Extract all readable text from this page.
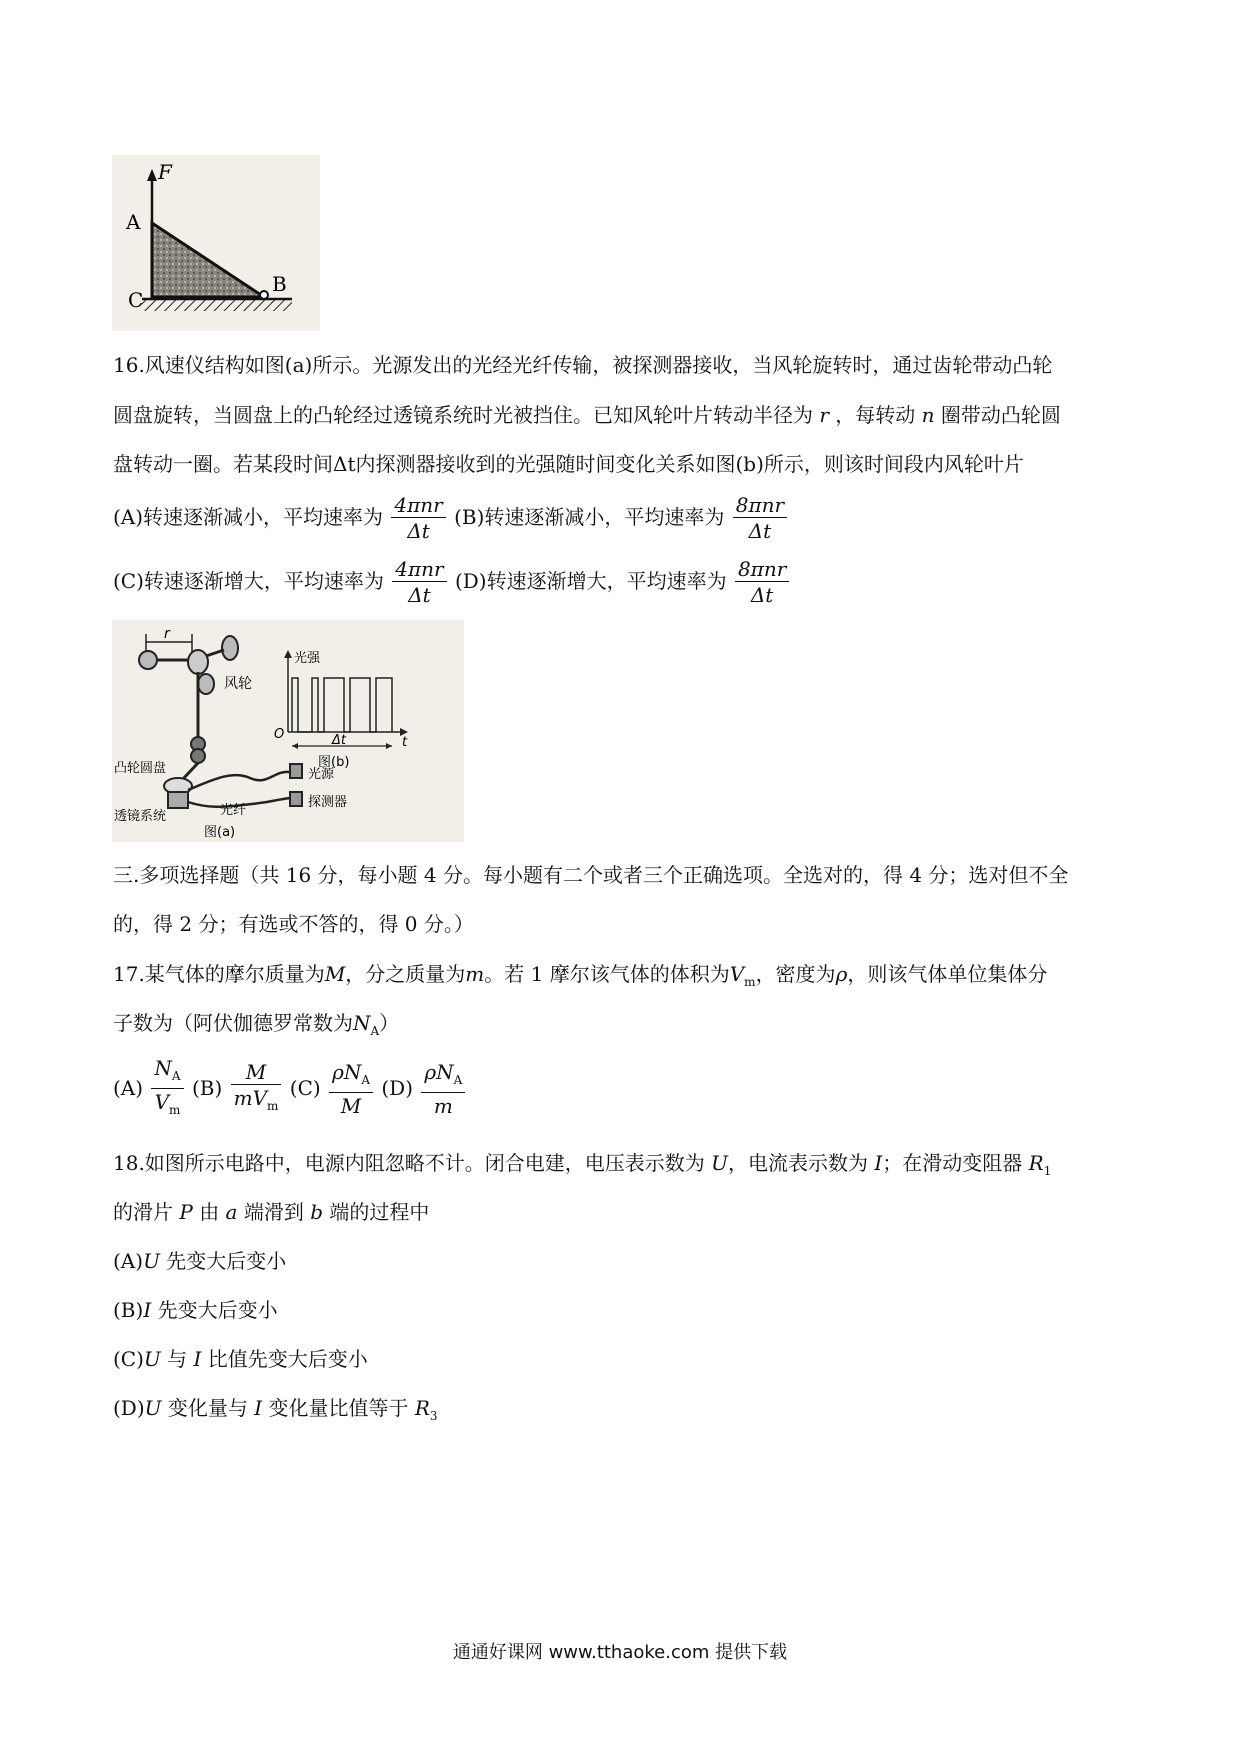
F
A
B
C
16.风速仪结构如图(a)所示。光源发出的光经光纤传输，被探测器接收，当风轮旋转时，通过齿轮带动凸轮
圆盘旋转，当圆盘上的凸轮经过透镜系统时光被挡住。已知风轮叶片转动半径为 r ，每转动 n 圈带动凸轮圆
盘转动一圈。若某段时间Δt内探测器接收到的光强随时间变化关系如图(b)所示，则该时间段内风轮叶片
(A)转速逐渐减小，平均速率为 $\frac{\text{4πnr}}{\Delta t} (B)$转速逐渐减小，平均速率为 $\frac{\text{8πnr}}{\Delta t}$
(C)转速逐渐增大，平均速率为 $\frac{\text{4πnr}}{\Delta t} (D)$转速逐渐增大，平均速率为 $\frac{\text{8πnr}}{\Delta t}$
r
风轮
凸轮圆盘
透镜系统
光源
探测器
光纤
图(a)
光强
O
t
Δt
图(b)
三.多项选择题（共 16 分，每小题 4 分。每小题有二个或者三个正确选项。全选对的，得 4 分；选对但不全
的，得 2 分；有选或不答的，得 0 分。）
17.某气体的摩尔质量为M，分之质量为m。若 1 摩尔该气体的体积为$V_m$，密度为ρ，则该气体单位集体分
子数为（阿伏伽德罗常数为$N_A$）
$(A) \frac{N_A}{V_m} (B) \frac{M}{mV_m} (C) \frac{\rho N_A}{M} (D) \frac{\rho N_A}{m}$
18.如图所示电路中，电源内阻忽略不计。闭合电建，电压表示数为 U，电流表示数为 I；在滑动变阻器 $R_1$
的滑片 P 由 a 端滑到 b 端的过程中
(A)U 先变大后变小
(B)I 先变大后变小
(C)U 与 I 比值先变大后变小
(D)U 变化量与 I 变化量比值等于 $R_3$
通通好课网 www.tthaoke.com 提供下载
